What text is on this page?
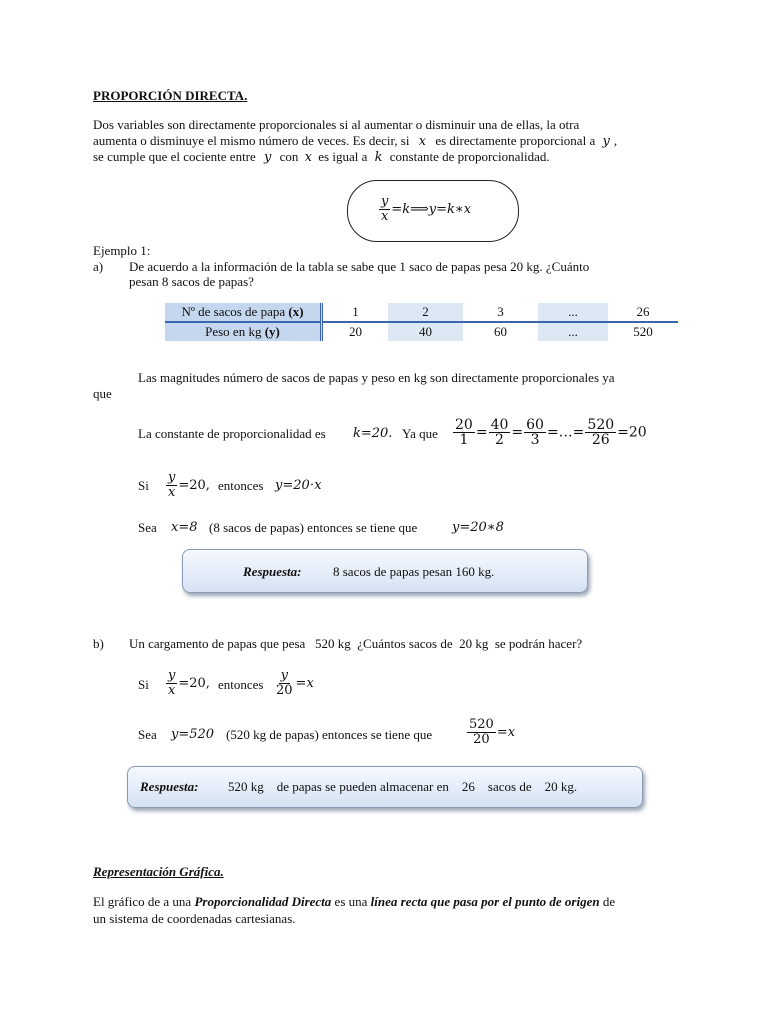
PROPORCIÓN DIRECTA.
Dos variables son directamente proporcionales si al aumentar o disminuir una de ellas, la otra
aumenta o disminuye el mismo número de veces. Es decir, si x es directamente proporcional a y ,
se cumple que el cociente entre y con x es igual a k constante de proporcionalidad.
$\frac{y}{x}$ =k⟹y=k∗x
Ejemplo 1:
a) De acuerdo a la información de la tabla se sabe que 1 saco de papas pesa 20 kg. ¿Cuánto
pesan 8 sacos de papas?
Nº de sacos de papa (x)	1	2	3	...	26
Peso en kg (y)	20	40	60	...	520
Las magnitudes número de sacos de papas y peso en kg son directamente proporcionales ya
que
La constante de proporcionalidad es k=20. Ya que $\frac{20}{1} = \frac{40}{2} = \frac{60}{3}$ =…= $\frac{520}{26} =20$
Si $\frac{y}{x} =20$, entonces y=20⋅x
Sea x=8 (8 sacos de papas) entonces se tiene que	y=20∗8
Respuesta: 8 sacos de papas pesan 160 kg.
b) Un cargamento de papas que pesa   520 kg  ¿Cuántos sacos de  20 kg  se podrán hacer?
Si $\frac{y}{x} =20$, entonces $\frac{y}{20} =x$
Sea y=520 (520 kg de papas) entonces se tiene que	$\frac{520}{20} =x$
Respuesta: 520 kg    de papas se pueden almacenar en    26    sacos de    20 kg.
Representación Gráfica.
El gráfico de a una Proporcionalidad Directa es una línea recta que pasa por el punto de origen de
un sistema de coordenadas cartesianas.
